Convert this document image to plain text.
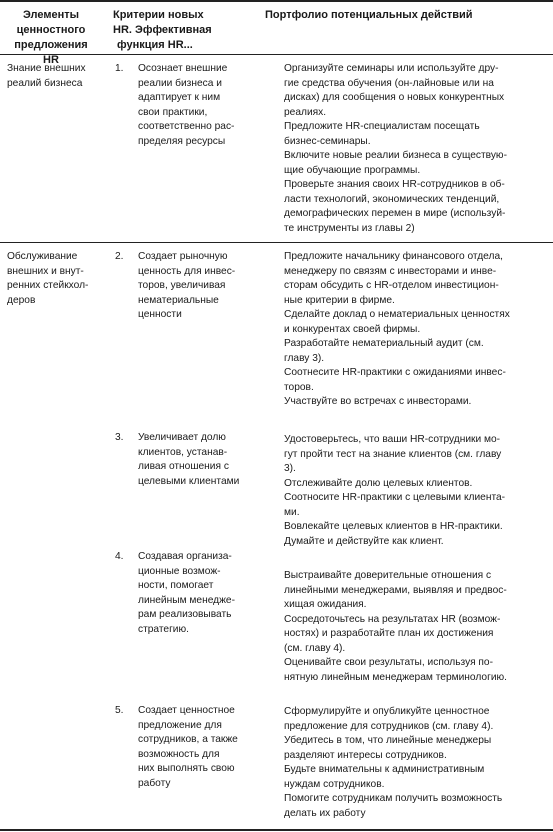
Элементы
ценностного
предложения HR
Критерии новых
HR. Эффективная
функция HR...
Портфолио потенциальных действий
Знание внешних
реалий бизнеса
1. Осознает внешние
реалии бизнеса и
адаптирует к ним
свои практики,
соответственно рас-
пределяя ресурсы
Организуйте семинары или используйте дру-
гие средства обучения (он-лайновые или на
дисках) для сообщения о новых конкурентных
реалиях.
Предложите HR-специалистам посещать
бизнес-семинары.
Включите новые реалии бизнеса в существую-
щие обучающие программы.
Проверьте знания своих HR-сотрудников в об-
ласти технологий, экономических тенденций,
демографических перемен в мире (используй-
те инструменты из главы 2)
Обслуживание
внешних и внут-
ренних стейкхол-
деров
2. Создает рыночную
ценность для инвес-
торов, увеличивая
нематериальные
ценности
Предложите начальнику финансового отдела,
менеджеру по связям с инвесторами и инве-
сторам обсудить с HR-отделом инвестицион-
ные критерии в фирме.
Сделайте доклад о нематериальных ценностях
и конкурентах своей фирмы.
Разработайте нематериальный аудит (см.
главу 3).
Соотнесите HR-практики с ожиданиями инвес-
торов.
Участвуйте во встречах с инвесторами.
3. Увеличивает долю
клиентов, устанав-
ливая отношения с
целевыми клиентами
Удостоверьтесь, что ваши HR-сотрудники мо-
гут пройти тест на знание клиентов (см. главу
3).
Отслеживайте долю целевых клиентов.
Соотносите HR-практики с целевыми клиента-
ми.
Вовлекайте целевых клиентов в HR-практики.
Думайте и действуйте как клиент.
4. Создавая организа-
ционные возмож-
ности, помогает
линейным менедже-
рам реализовывать
стратегию.
Выстраивайте доверительные отношения с
линейными менеджерами, выявляя и предвос-
хищая ожидания.
Сосредоточьтесь на результатах HR (возмож-
ностях) и разработайте план их достижения
(см. главу 4).
Оценивайте свои результаты, используя по-
нятную линейным менеджерам терминологию.
5. Создает ценностное
предложение для
сотрудников, а также
возможность для
них выполнять свою
работу
Сформулируйте и опубликуйте ценностное
предложение для сотрудников (см. главу 4).
Убедитесь в том, что линейные менеджеры
разделяют интересы сотрудников.
Будьте внимательны к административным
нуждам сотрудников.
Помогите сотрудникам получить возможность
делать их работу
